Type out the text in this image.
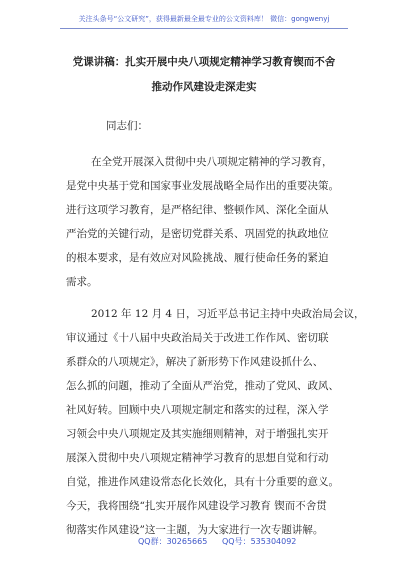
关注头条号“公文研究”，获得最新最全最专业的公文资料库！ 微信：gongwenyj
党课讲稿：扎实开展中央八项规定精神学习教育锲而不舍
推动作风建设走深走实
同志们：
在全党开展深入贯彻中央八项规定精神的学习教育，
是党中央基于党和国家事业发展战略全局作出的重要决策。
进行这项学习教育，是严格纪律、整顿作风、深化全面从
严治党的关键行动，是密切党群关系、巩固党的执政地位
的根本要求，是有效应对风险挑战、履行使命任务的紧迫
需求。
2012 年 12 月 4 日，习近平总书记主持中央政治局会议，
审议通过《十八届中央政治局关于改进工作作风、密切联
系群众的八项规定》，解决了新形势下作风建设抓什么、
怎么抓的问题，推动了全面从严治党，推动了党风、政风、
社风好转。回顾中央八项规定制定和落实的过程，深入学
习领会中央八项规定及其实施细则精神，对于增强扎实开
展深入贯彻中央八项规定精神学习教育的思想自觉和行动
自觉，推进作风建设常态化长效化，具有十分重要的意义。
今天，我将围绕“扎实开展作风建设学习教育 锲而不舍贯
彻落实作风建设”这一主题，为大家进行一次专题讲解。
QQ群：30265665 QQ号：535304092
